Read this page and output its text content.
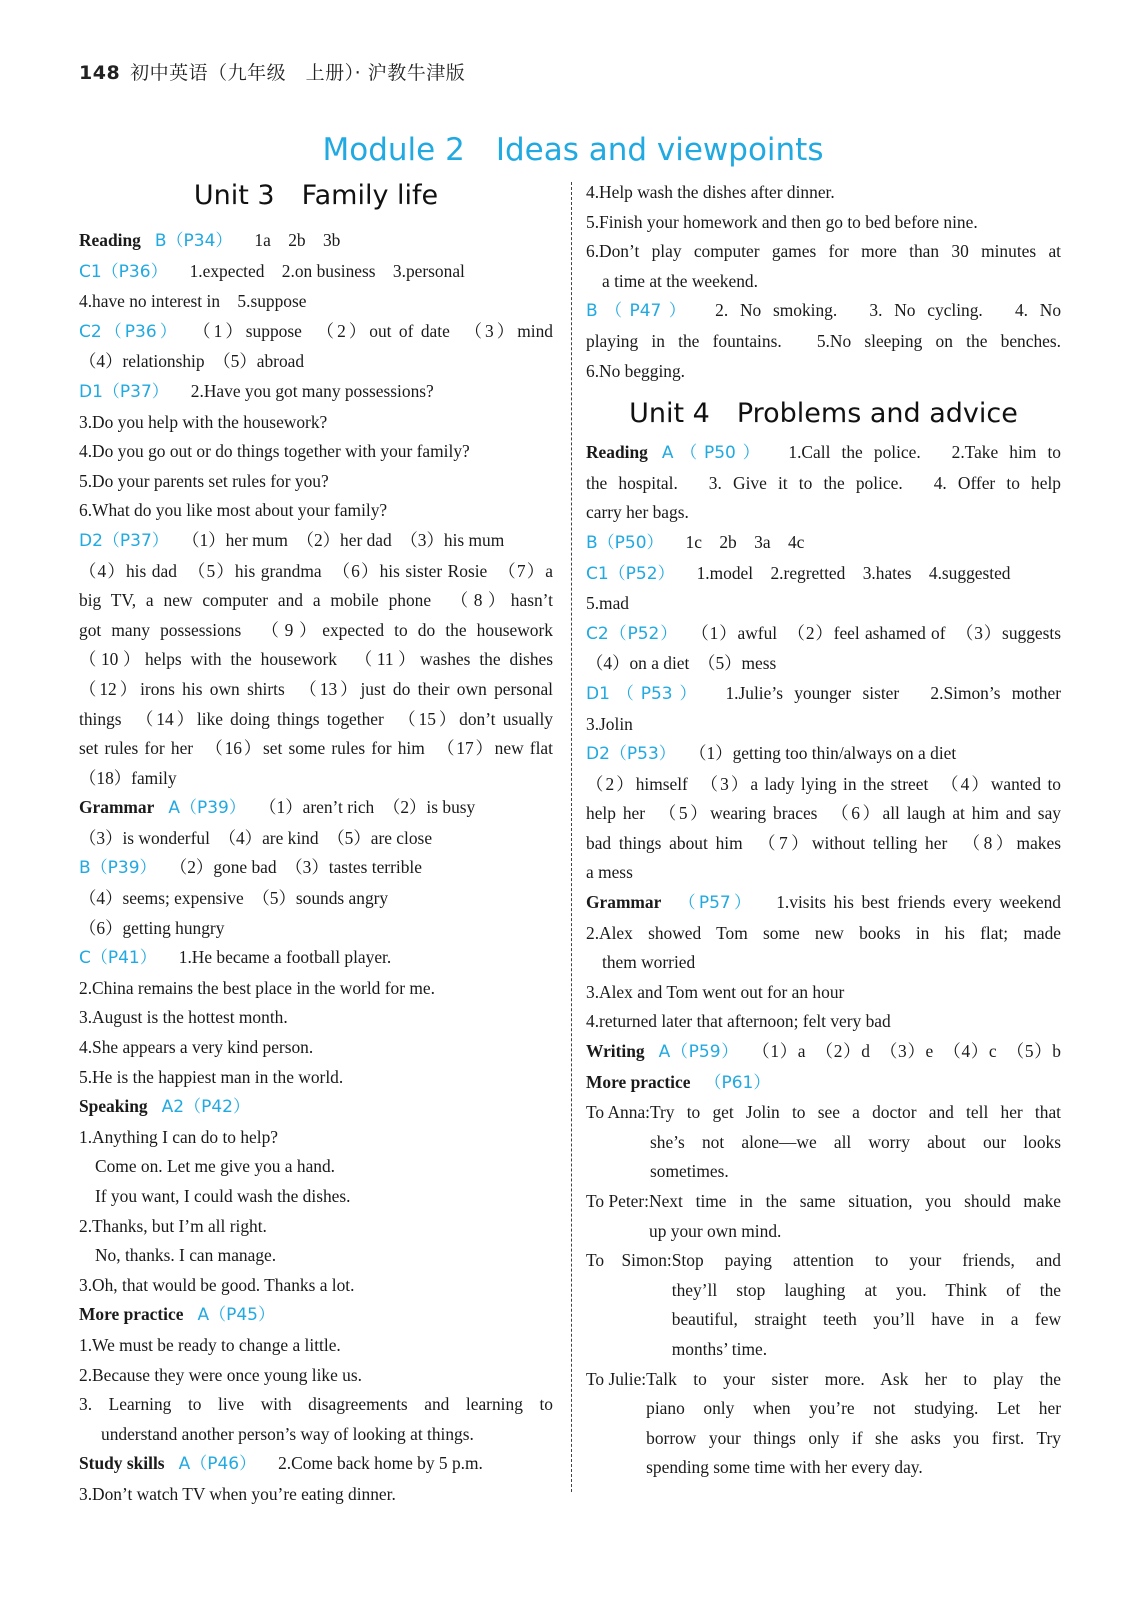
148 初中英语（九年级　上册）· 沪教牛津版
Module 2　Ideas and viewpoints
Unit 3　Family life
Reading B（P34） 1a　2b　3b
C1（P36） 1.expected　2.on business　3.personal
4.have no interest in　5.suppose
C2（P36） （1）suppose　（2）out of date　（3）mind
（4）relationship　（5）abroad
D1（P37） 2.Have you got many possessions?
3.Do you help with the housework?
4.Do you go out or do things together with your family?
5.Do your parents set rules for you?
6.What do you like most about your family?
D2（P37） （1）her mum　（2）her dad　（3）his mum
（4）his dad　（5）his grandma　（6）his sister Rosie　（7）a
big TV, a new computer and a mobile phone　（8）hasn’t
got many possessions　（9）expected to do the housework
（10）helps with the housework　（11）washes the dishes
（12）irons his own shirts　（13）just do their own personal
things　（14）like doing things together　（15）don’t usually
set rules for her　（16）set some rules for him　（17）new flat
（18）family
Grammar A（P39） （1）aren’t rich　（2）is busy
（3）is wonderful　（4）are kind　（5）are close
B（P39） （2）gone bad　（3）tastes terrible
（4）seems; expensive　（5）sounds angry
（6）getting hungry
C（P41） 1.He became a football player.
2.China remains the best place in the world for me.
3.August is the hottest month.
4.She appears a very kind person.
5.He is the happiest man in the world.
Speaking A2（P42）
1.Anything I can do to help?
Come on. Let me give you a hand.
If you want, I could wash the dishes.
2.Thanks, but I’m all right.
No, thanks. I can manage.
3.Oh, that would be good. Thanks a lot.
More practice A（P45）
1.We must be ready to change a little.
2.Because they were once young like us.
3. Learning to live with disagreements and learning to
understand another person’s way of looking at things.
Study skills A（P46） 2.Come back home by 5 p.m.
3.Don’t watch TV when you’re eating dinner.
4.Help wash the dishes after dinner.
5.Finish your homework and then go to bed before nine.
6.Don’t play computer games for more than 30 minutes at
a time at the weekend.
B（P47） 2. No smoking.　3. No cycling.　4. No
playing in the fountains.　5.No sleeping on the benches.
6.No begging.
Unit 4　Problems and advice
Reading A（P50） 1.Call the police.　2.Take him to
the hospital.　3. Give it to the police.　4. Offer to help
carry her bags.
B（P50） 1c　2b　3a　4c
C1（P52） 1.model　2.regretted　3.hates　4.suggested
5.mad
C2（P52） （1）awful　（2）feel ashamed of　（3）suggests
（4）on a diet　（5）mess
D1（P53） 1.Julie’s younger sister　2.Simon’s mother
3.Jolin
D2（P53） （1）getting too thin/always on a diet
（2）himself　（3）a lady lying in the street　（4）wanted to
help her　（5）wearing braces　（6）all laugh at him and say
bad things about him　（7）without telling her　（8）makes
a mess
Grammar （P57） 1.visits his best friends every weekend
2.Alex showed Tom some new books in his flat; made
them worried
3.Alex and Tom went out for an hour
4.returned later that afternoon; felt very bad
Writing A（P59） （1）a　（2）d　（3）e　（4）c　（5）b
More practice （P61）
To Anna: Try to get Jolin to see a doctor and tell her that
she’s not alone—we all worry about our looks
sometimes.
To Peter: Next time in the same situation, you should make
up your own mind.
To　Simon: Stop paying attention to your friends, and
they’ll stop laughing at you. Think of the
beautiful, straight teeth you’ll have in a few
months’ time.
To Julie: Talk to your sister more. Ask her to play the
piano only when you’re not studying. Let her
borrow your things only if she asks you first. Try
spending some time with her every day.
